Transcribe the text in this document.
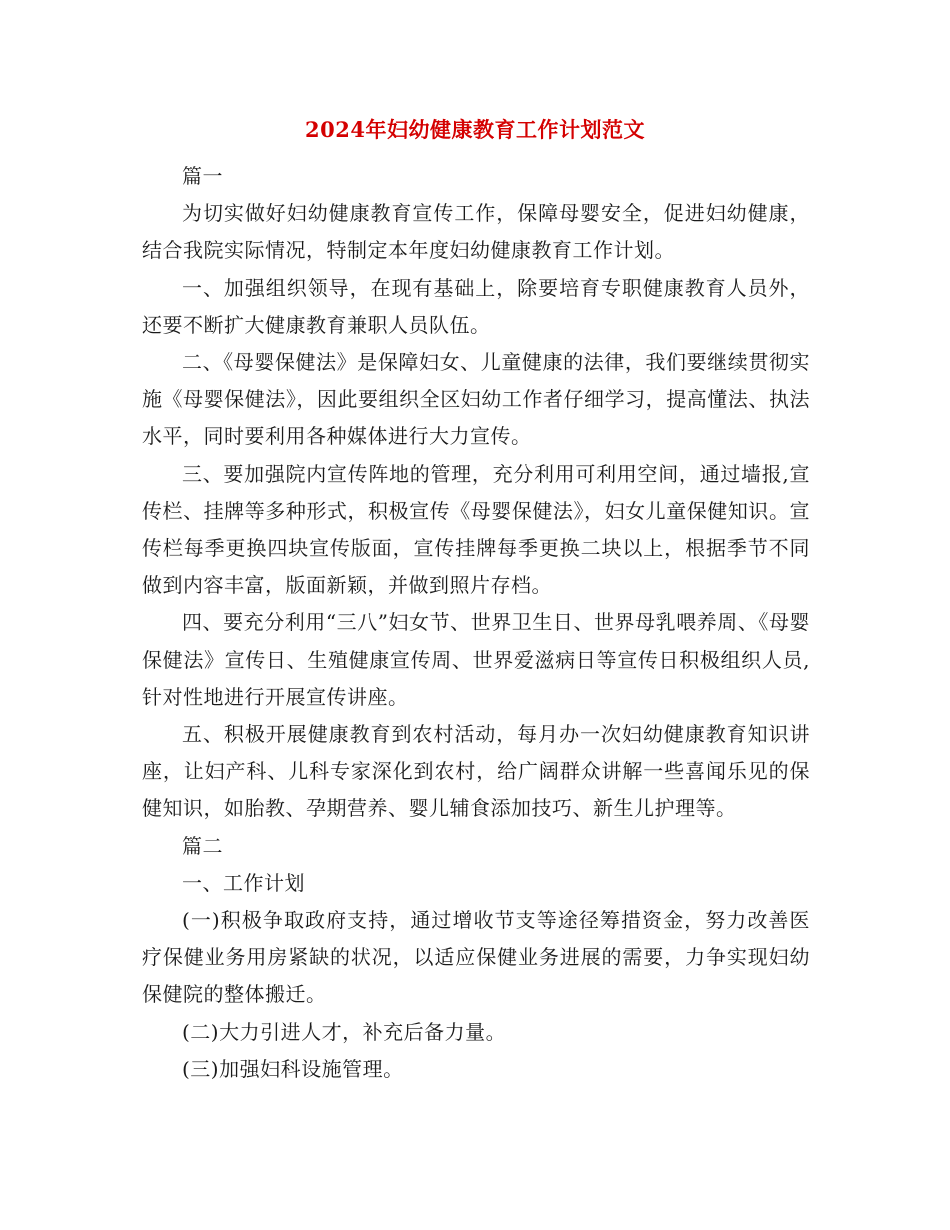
2024年妇幼健康教育工作计划范文

篇一

为切实做好妇幼健康教育宣传工作，保障母婴安全，促进妇幼健康，结合我院实际情况，特制定本年度妇幼健康教育工作计划。

一、加强组织领导，在现有基础上，除要培育专职健康教育人员外，还要不断扩大健康教育兼职人员队伍。

二、《母婴保健法》是保障妇女、儿童健康的法律，我们要继续贯彻实施《母婴保健法》，因此要组织全区妇幼工作者仔细学习，提高懂法、执法水平，同时要利用各种媒体进行大力宣传。

三、要加强院内宣传阵地的管理，充分利用可利用空间，通过墙报,宣传栏、挂牌等多种形式，积极宣传《母婴保健法》，妇女儿童保健知识。宣传栏每季更换四块宣传版面，宣传挂牌每季更换二块以上，根据季节不同做到内容丰富，版面新颖，并做到照片存档。

四、要充分利用“三八”妇女节、世界卫生日、世界母乳喂养周、《母婴保健法》宣传日、生殖健康宣传周、世界爱滋病日等宣传日积极组织人员,针对性地进行开展宣传讲座。

五、积极开展健康教育到农村活动，每月办一次妇幼健康教育知识讲座，让妇产科、儿科专家深化到农村，给广阔群众讲解一些喜闻乐见的保健知识，如胎教、孕期营养、婴儿辅食添加技巧、新生儿护理等。

篇二

一、工作计划

(一)积极争取政府支持，通过增收节支等途径筹措资金，努力改善医疗保健业务用房紧缺的状况，以适应保健业务进展的需要，力争实现妇幼保健院的整体搬迁。

(二)大力引进人才，补充后备力量。

(三)加强妇科设施管理。
